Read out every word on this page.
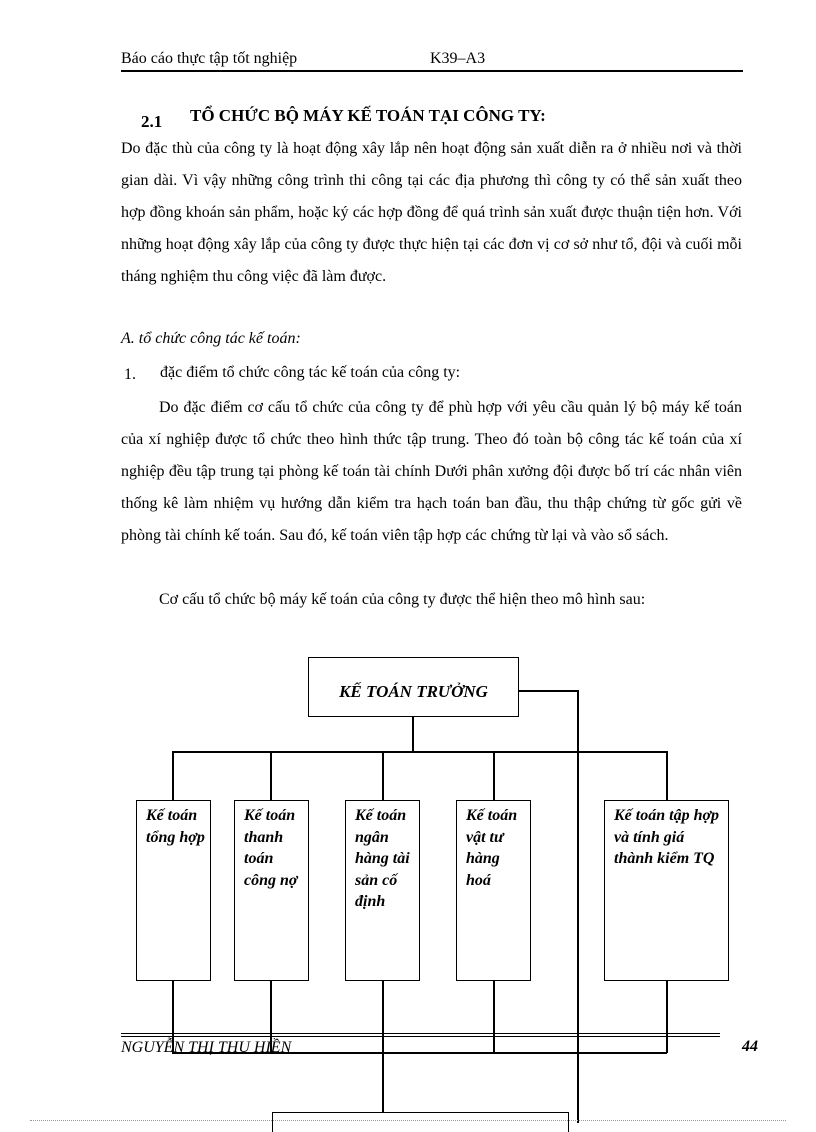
Báo cáo thực tập tốt nghiệp	K39–A3
2.1 TỔ CHỨC BỘ MÁY KẾ TOÁN TẠI CÔNG TY:
Do đặc thù của công ty là hoạt động xây lắp nên hoạt động sản xuất diễn ra ở nhiều nơi và thời gian dài. Vì vậy những công trình thi công tại các địa phương thì công ty có thể sản xuất theo hợp đồng khoán sản phẩm, hoặc ký các hợp đồng để quá trình sản xuất được thuận tiện hơn. Với những hoạt động xây lắp của công ty được thực hiện tại các đơn vị cơ sở như tổ, đội và cuối mỗi tháng nghiệm thu công việc đã làm được.
A. tổ chức công tác kế toán:
1. đặc điểm tổ chức công tác kế toán của công ty:
Do đặc điểm cơ cấu tổ chức của công ty để phù hợp với yêu cầu quản lý bộ máy kế toán của xí nghiệp được tổ chức theo hình thức tập trung. Theo đó toàn bộ công tác kế toán của xí nghiệp đều tập trung tại phòng kế toán tài chính Dưới phân xưởng đội được bố trí các nhân viên thống kê làm nhiệm vụ hướng dẫn kiểm tra hạch toán ban đầu, thu thập chứng từ gốc gửi về phòng tài chính kế toán. Sau đó, kế toán viên tập hợp các chứng từ lại và vào sổ sách.
Cơ cấu tổ chức bộ máy kế toán của công ty được thể hiện theo mô hình sau:
KẾ TOÁN TRƯỞNG
Kế toán tổng hợp
Kế toán thanh toán công nợ
Kế toán ngân hàng tài sản cố định
Kế toán vật tư hàng hoá
Kế toán tập hợp và tính giá thành kiểm TQ
NGUYỄN THỊ THU HIỀN	44
